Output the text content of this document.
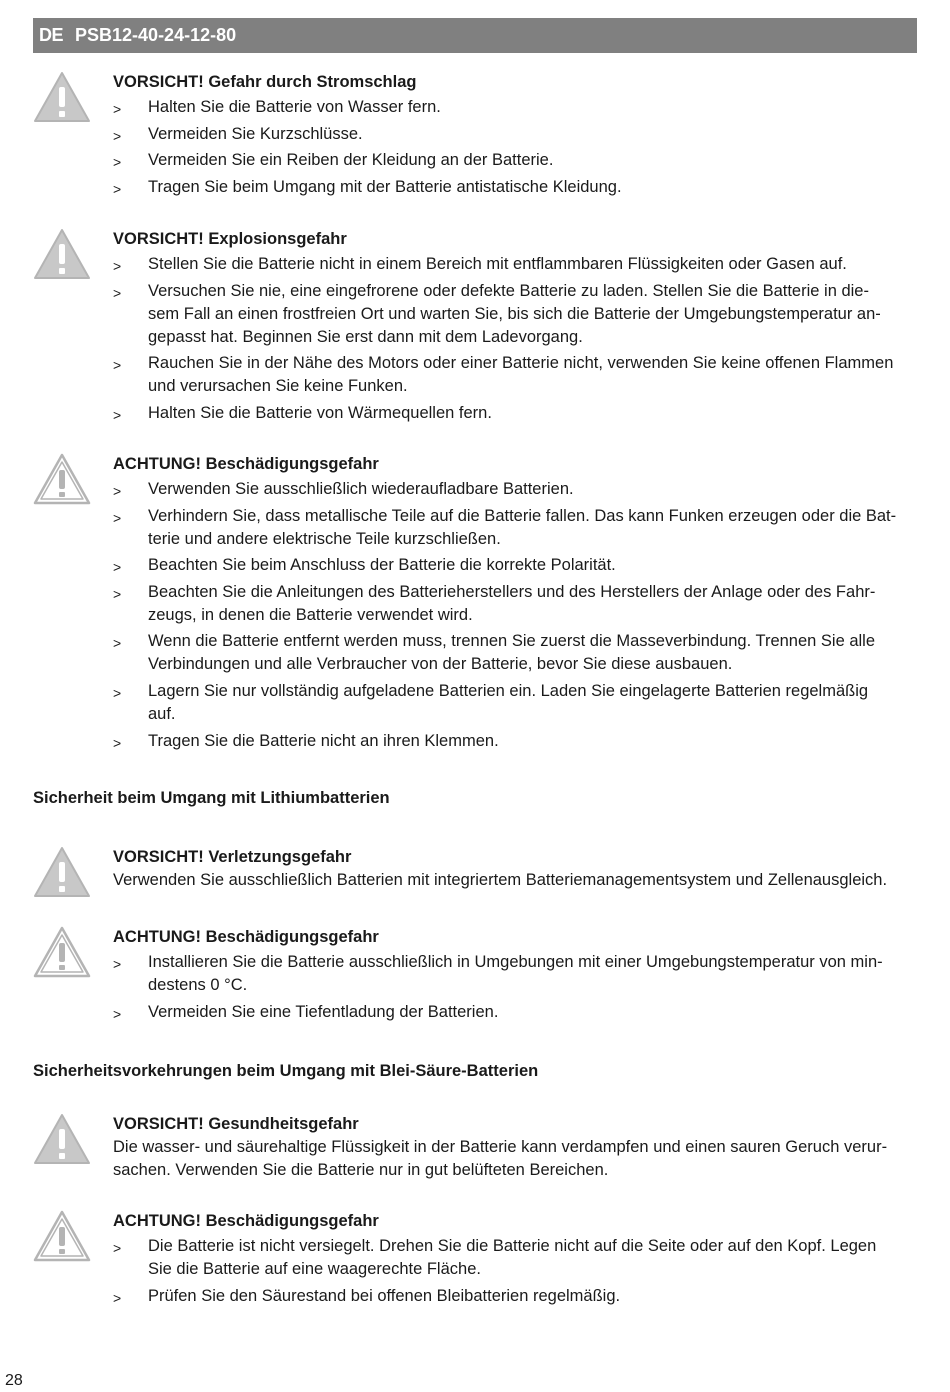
DE PSB12-40-24-12-80
VORSICHT! Gefahr durch Stromschlag
> Halten Sie die Batterie von Wasser fern.
> Vermeiden Sie Kurzschlüsse.
> Vermeiden Sie ein Reiben der Kleidung an der Batterie.
> Tragen Sie beim Umgang mit der Batterie antistatische Kleidung.
VORSICHT! Explosionsgefahr
> Stellen Sie die Batterie nicht in einem Bereich mit entflammbaren Flüssigkeiten oder Gasen auf.
> Versuchen Sie nie, eine eingefrorene oder defekte Batterie zu laden. Stellen Sie die Batterie in die-
sem Fall an einen frostfreien Ort und warten Sie, bis sich die Batterie der Umgebungstemperatur an-
gepasst hat. Beginnen Sie erst dann mit dem Ladevorgang.
> Rauchen Sie in der Nähe des Motors oder einer Batterie nicht, verwenden Sie keine offenen Flammen
und verursachen Sie keine Funken.
> Halten Sie die Batterie von Wärmequellen fern.
ACHTUNG! Beschädigungsgefahr
> Verwenden Sie ausschließlich wiederaufladbare Batterien.
> Verhindern Sie, dass metallische Teile auf die Batterie fallen. Das kann Funken erzeugen oder die Bat-
terie und andere elektrische Teile kurzschließen.
> Beachten Sie beim Anschluss der Batterie die korrekte Polarität.
> Beachten Sie die Anleitungen des Batterieherstellers und des Herstellers der Anlage oder des Fahr-
zeugs, in denen die Batterie verwendet wird.
> Wenn die Batterie entfernt werden muss, trennen Sie zuerst die Masseverbindung. Trennen Sie alle
Verbindungen und alle Verbraucher von der Batterie, bevor Sie diese ausbauen.
> Lagern Sie nur vollständig aufgeladene Batterien ein. Laden Sie eingelagerte Batterien regelmäßig
auf.
> Tragen Sie die Batterie nicht an ihren Klemmen.
Sicherheit beim Umgang mit Lithiumbatterien
VORSICHT! Verletzungsgefahr
Verwenden Sie ausschließlich Batterien mit integriertem Batteriemanagementsystem und Zellenausgleich.
ACHTUNG! Beschädigungsgefahr
> Installieren Sie die Batterie ausschließlich in Umgebungen mit einer Umgebungstemperatur von min-
destens 0 °C.
> Vermeiden Sie eine Tiefentladung der Batterien.
Sicherheitsvorkehrungen beim Umgang mit Blei-Säure-Batterien
VORSICHT! Gesundheitsgefahr
Die wasser- und säurehaltige Flüssigkeit in der Batterie kann verdampfen und einen sauren Geruch verur-
sachen. Verwenden Sie die Batterie nur in gut belüfteten Bereichen.
ACHTUNG! Beschädigungsgefahr
> Die Batterie ist nicht versiegelt. Drehen Sie die Batterie nicht auf die Seite oder auf den Kopf. Legen
Sie die Batterie auf eine waagerechte Fläche.
> Prüfen Sie den Säurestand bei offenen Bleibatterien regelmäßig.
28
